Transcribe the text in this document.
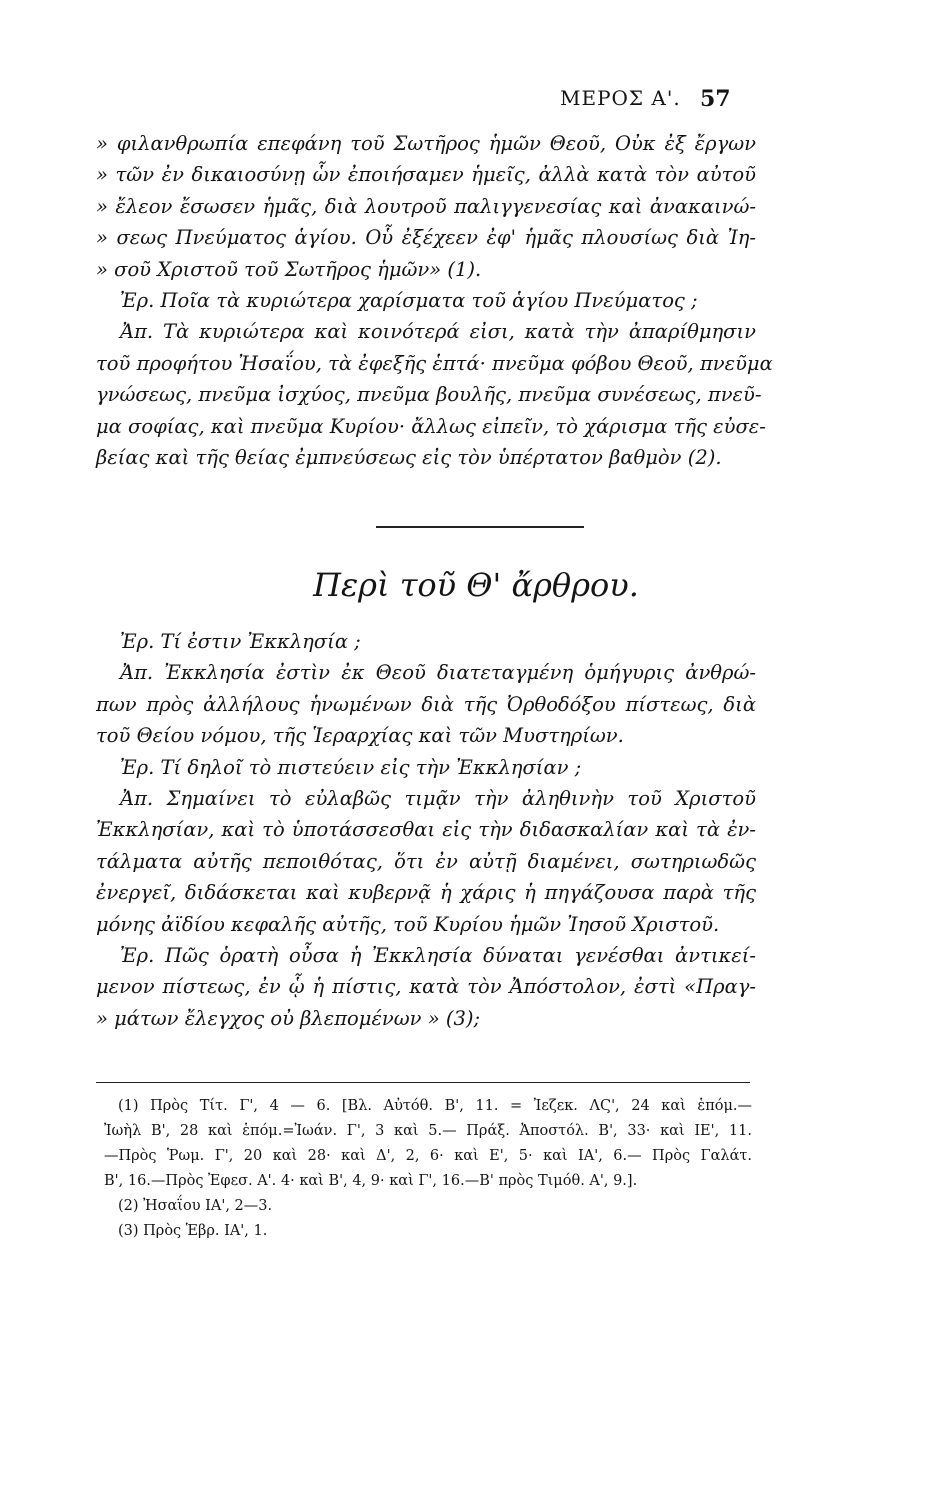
ΜΕΡΟΣ Α'. 57
» φιλανθρωπία επεφάνη τοῦ Σωτῆρος ἡμῶν Θεοῦ, Οὐκ ἐξ ἔργων
» τῶν ἐν δικαιοσύνῃ ὧν ἐποιήσαμεν ἡμεῖς, ἀλλὰ κατὰ τὸν αὐτοῦ
» ἔλεον ἔσωσεν ἡμᾶς, διὰ λουτροῦ παλιγγενεσίας καὶ ἀνακαινώ-
» σεως Πνεύματος ἁγίου. Οὗ ἐξέχεεν ἐφ' ἡμᾶς πλουσίως διὰ Ἰη-
» σοῦ Χριστοῦ τοῦ Σωτῆρος ἡμῶν» (1).
Ἐρ. Ποῖα τὰ κυριώτερα χαρίσματα τοῦ ἁγίου Πνεύματος ;
Ἀπ. Τὰ κυριώτερα καὶ κοινότερά εἰσι, κατὰ τὴν ἀπαρίθμησιν
τοῦ προφήτου Ἠσαΐου, τὰ ἐφεξῆς ἑπτά· πνεῦμα φόβου Θεοῦ, πνεῦμα
γνώσεως, πνεῦμα ἰσχύος, πνεῦμα βουλῆς, πνεῦμα συνέσεως, πνεῦ-
μα σοφίας, καὶ πνεῦμα Κυρίου· ἄλλως εἰπεῖν, τὸ χάρισμα τῆς εὐσε-
βείας καὶ τῆς θείας ἐμπνεύσεως εἰς τὸν ὑπέρτατον βαθμὸν (2).
Περὶ τοῦ Θ' ἄρθρου.
Ἐρ. Τί ἐστιν Ἐκκλησία ;
Ἀπ. Ἐκκλησία ἐστὶν ἐκ Θεοῦ διατεταγμένη ὁμήγυρις ἀνθρώ-
πων πρὸς ἀλλήλους ἡνωμένων διὰ τῆς Ὀρθοδόξου πίστεως, διὰ
τοῦ Θείου νόμου, τῆς Ἱεραρχίας καὶ τῶν Μυστηρίων.
Ἐρ. Τί δηλοῖ τὸ πιστεύειν εἰς τὴν Ἐκκλησίαν ;
Ἀπ. Σημαίνει τὸ εὐλαβῶς τιμᾷν τὴν ἀληθινὴν τοῦ Χριστοῦ
Ἐκκλησίαν, καὶ τὸ ὑποτάσσεσθαι εἰς τὴν διδασκαλίαν καὶ τὰ ἐν-
τάλματα αὐτῆς πεποιθότας, ὅτι ἐν αὐτῇ διαμένει, σωτηριωδῶς
ἐνεργεῖ, διδάσκεται καὶ κυβερνᾷ ἡ χάρις ἡ πηγάζουσα παρὰ τῆς
μόνης ἀϊδίου κεφαλῆς αὐτῆς, τοῦ Κυρίου ἡμῶν Ἰησοῦ Χριστοῦ.
Ἐρ. Πῶς ὁρατὴ οὖσα ἡ Ἐκκλησία δύναται γενέσθαι ἀντικεί-
μενον πίστεως, ἐν ᾧ ἡ πίστις, κατὰ τὸν Ἀπόστολον, ἐστὶ «Πραγ-
» μάτων ἔλεγχος οὐ βλεπομένων » (3);
(1) Πρὸς Τίτ. Γ', 4 — 6. [Βλ. Αὐτόθ. Β', 11. = Ἰεζεκ. ΛϚ', 24 καὶ ἑπόμ.—
Ἰωὴλ Β', 28 καὶ ἑπόμ.=Ἰωάν. Γ', 3 καὶ 5.— Πράξ. Ἀποστόλ. Β', 33· καὶ ΙΕ', 11.
—Πρὸς Ῥωμ. Γ', 20 καὶ 28· καὶ Δ', 2, 6· καὶ Ε', 5· καὶ ΙΑ', 6.— Πρὸς Γαλάτ.
Β', 16.—Πρὸς Ἐφεσ. Α'. 4· καὶ Β', 4, 9· καὶ Γ', 16.—Β' πρὸς Τιμόθ. Α', 9.].
(2) Ἠσαΐου ΙΑ', 2—3.
(3) Πρὸς Ἑβρ. ΙΑ', 1.
